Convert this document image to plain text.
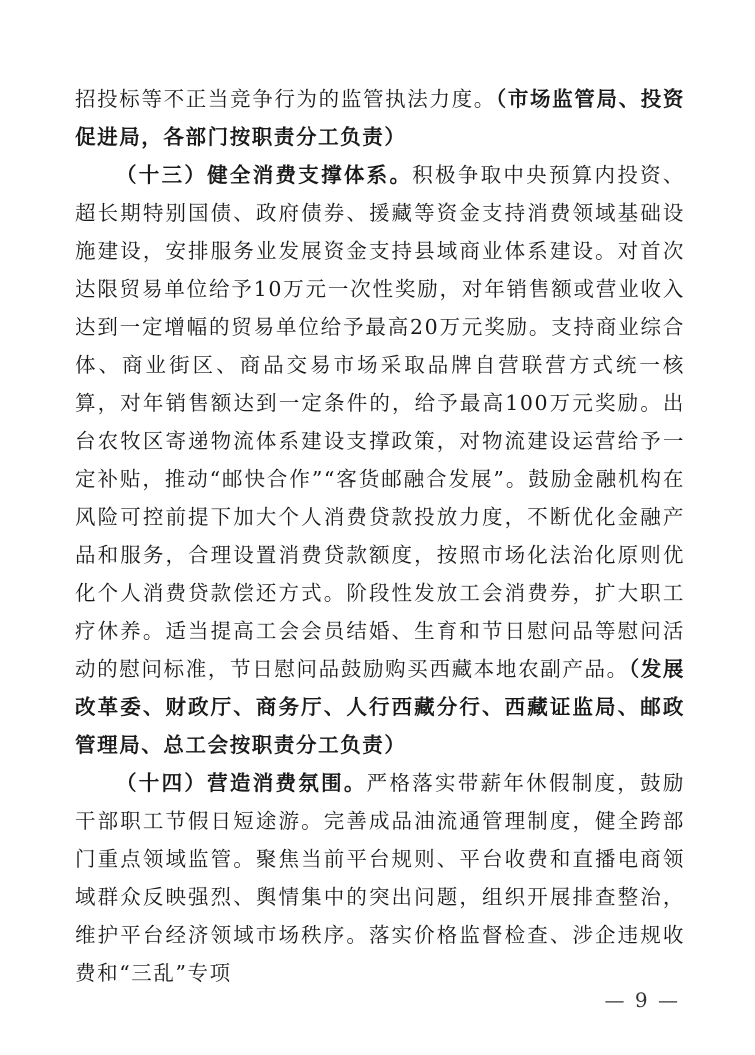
招投标等不正当竞争行为的监管执法力度。（市场监管局、投资促进局，各部门按职责分工负责）

（十三）健全消费支撑体系。积极争取中央预算内投资、超长期特别国债、政府债券、援藏等资金支持消费领域基础设施建设，安排服务业发展资金支持县域商业体系建设。对首次达限贸易单位给予10万元一次性奖励，对年销售额或营业收入达到一定增幅的贸易单位给予最高20万元奖励。支持商业综合体、商业街区、商品交易市场采取品牌自营联营方式统一核算，对年销售额达到一定条件的，给予最高100万元奖励。出台农牧区寄递物流体系建设支撑政策，对物流建设运营给予一定补贴，推动“邮快合作”“客货邮融合发展”。鼓励金融机构在风险可控前提下加大个人消费贷款投放力度，不断优化金融产品和服务，合理设置消费贷款额度，按照市场化法治化原则优化个人消费贷款偿还方式。阶段性发放工会消费券，扩大职工疗休养。适当提高工会会员结婚、生育和节日慰问品等慰问活动的慰问标准，节日慰问品鼓励购买西藏本地农副产品。（发展改革委、财政厅、商务厅、人行西藏分行、西藏证监局、邮政管理局、总工会按职责分工负责）

（十四）营造消费氛围。严格落实带薪年休假制度，鼓励干部职工节假日短途游。完善成品油流通管理制度，健全跨部门重点领域监管。聚焦当前平台规则、平台收费和直播电商领域群众反映强烈、舆情集中的突出问题，组织开展排查整治，维护平台经济领域市场秩序。落实价格监督检查、涉企违规收费和“三乱”专项

— 9 —
